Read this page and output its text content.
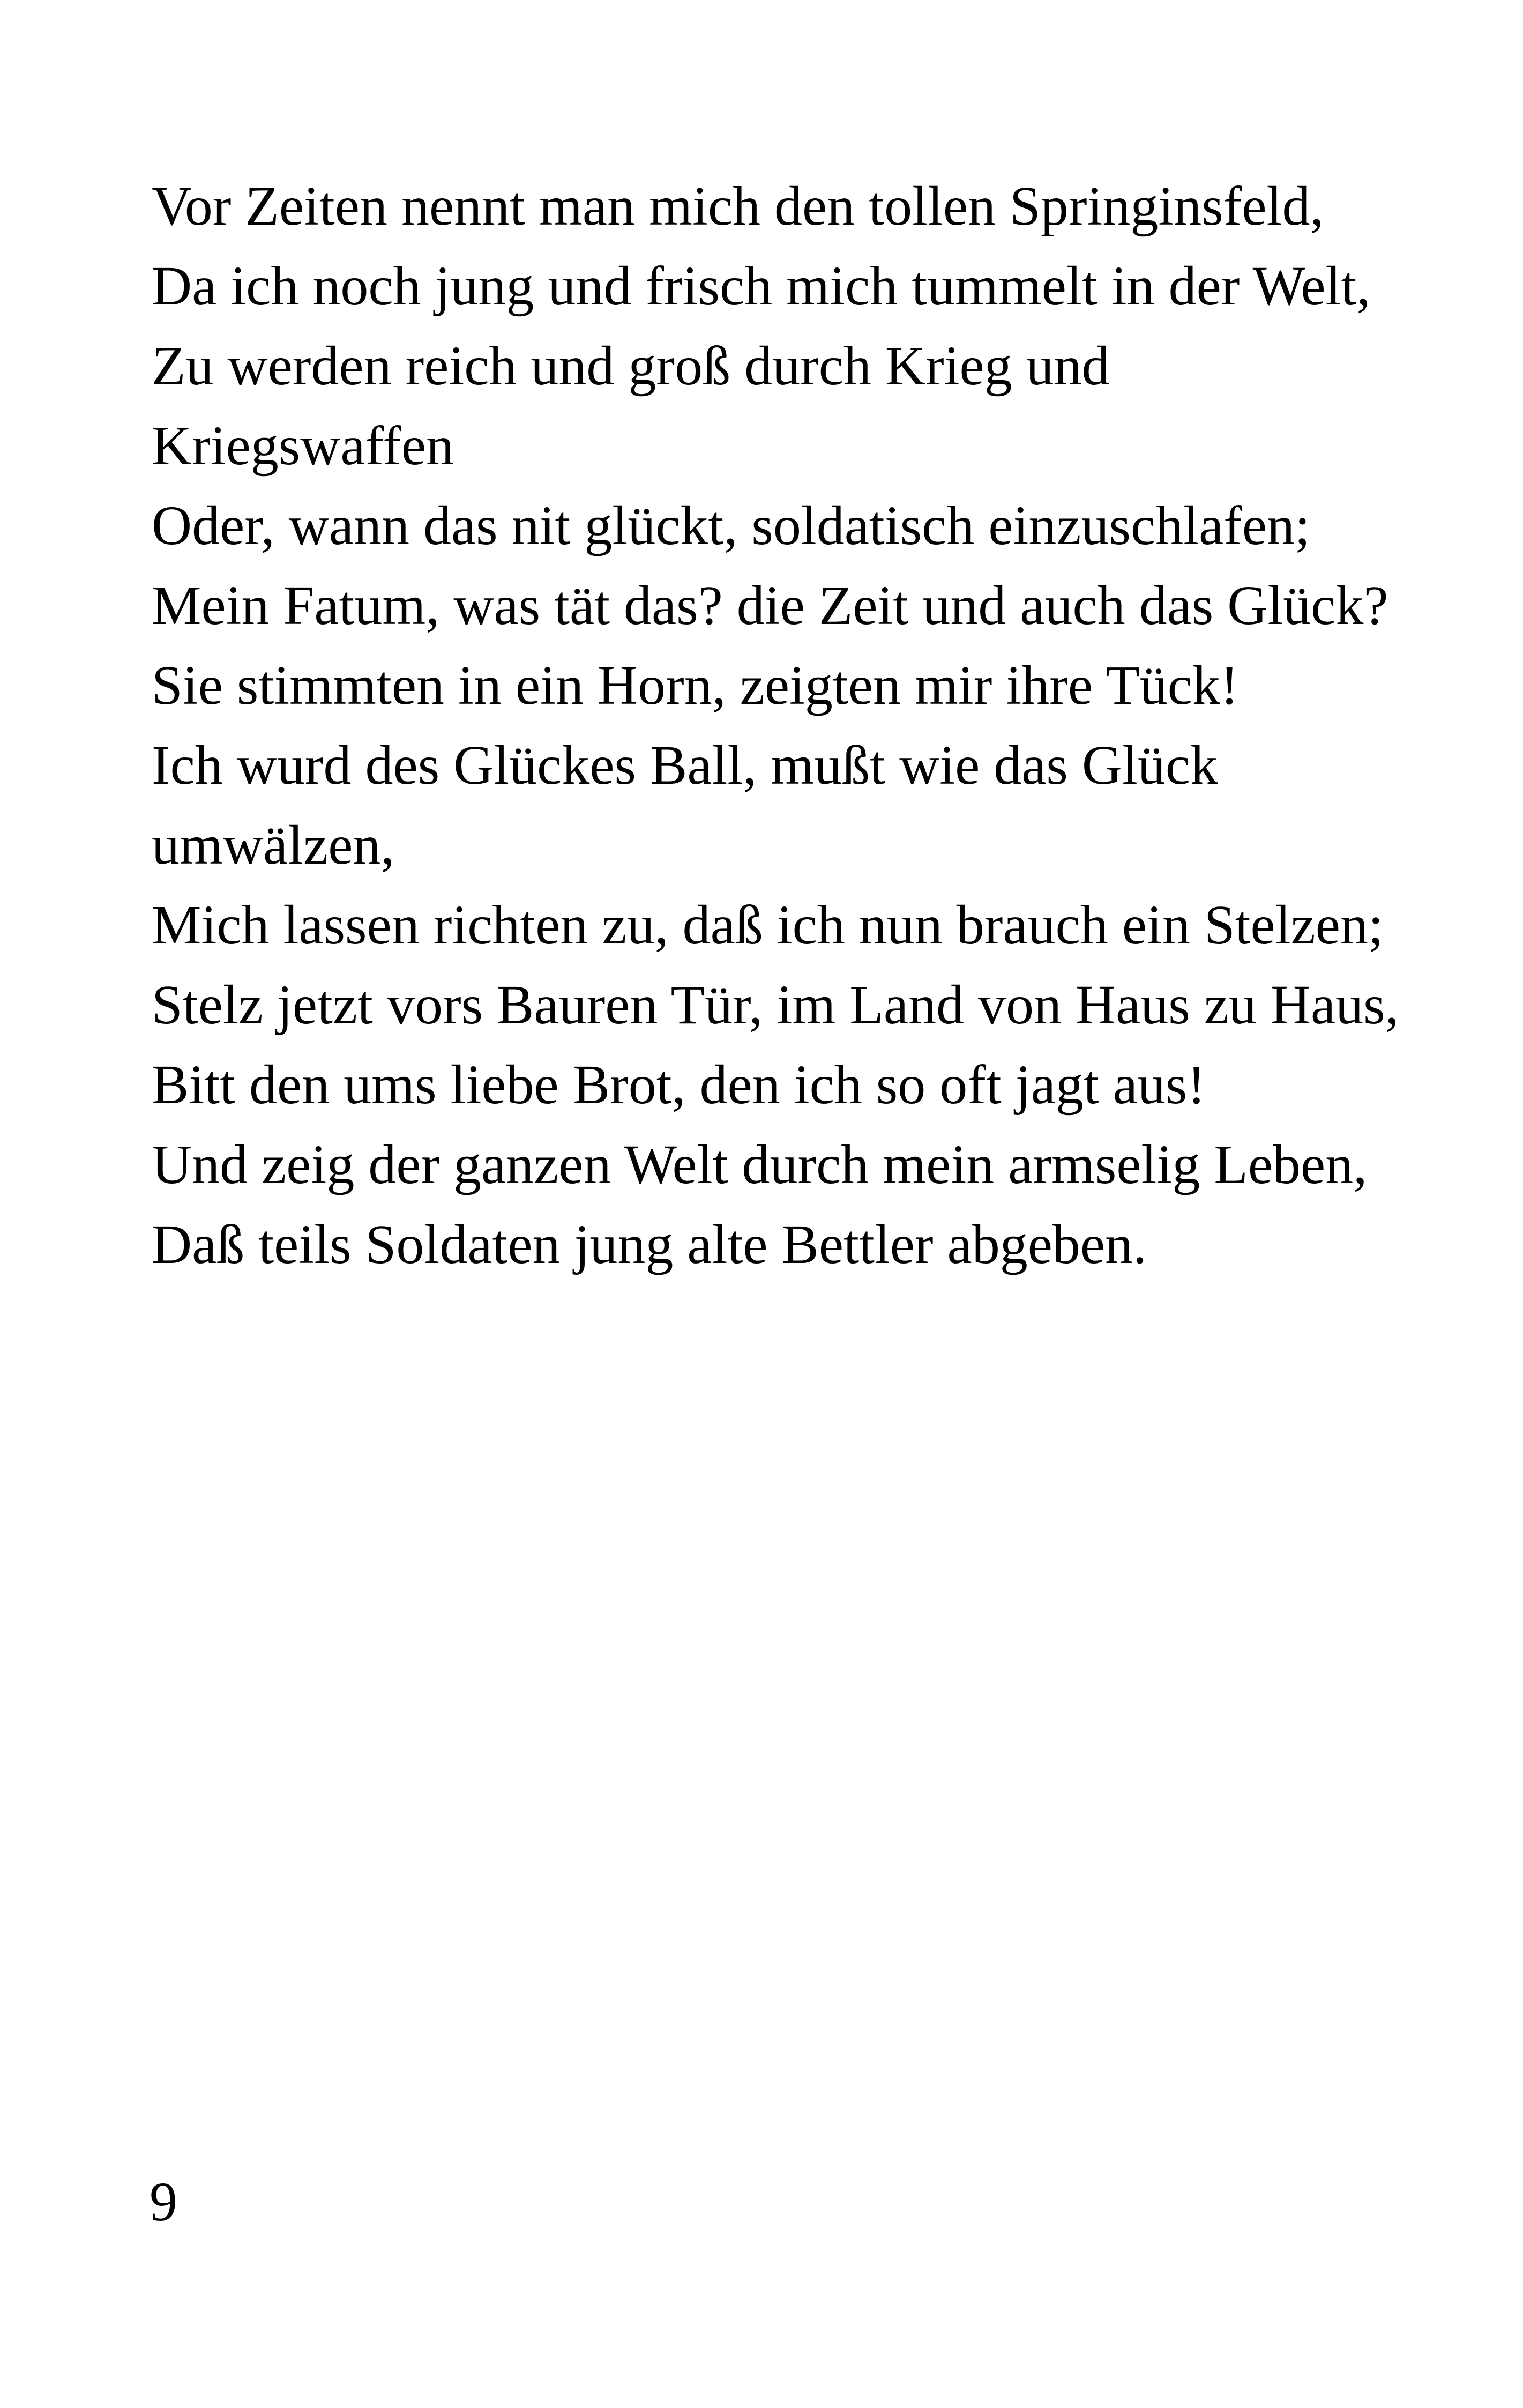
Vor Zeiten nennt man mich den tollen Springinsfeld,

Da ich noch jung und frisch mich tummelt in der Welt,

Zu werden reich und groß durch Krieg und

Kriegswaffen

Oder, wann das nit glückt, soldatisch einzuschlafen;

Mein Fatum, was tät das? die Zeit und auch das Glück?

Sie stimmten in ein Horn, zeigten mir ihre Tück!

Ich wurd des Glückes Ball, mußt wie das Glück

umwälzen,

Mich lassen richten zu, daß ich nun brauch ein Stelzen;

Stelz jetzt vors Bauren Tür, im Land von Haus zu Haus,

Bitt den ums liebe Brot, den ich so oft jagt aus!

Und zeig der ganzen Welt durch mein armselig Leben,

Daß teils Soldaten jung alte Bettler abgeben.

9
